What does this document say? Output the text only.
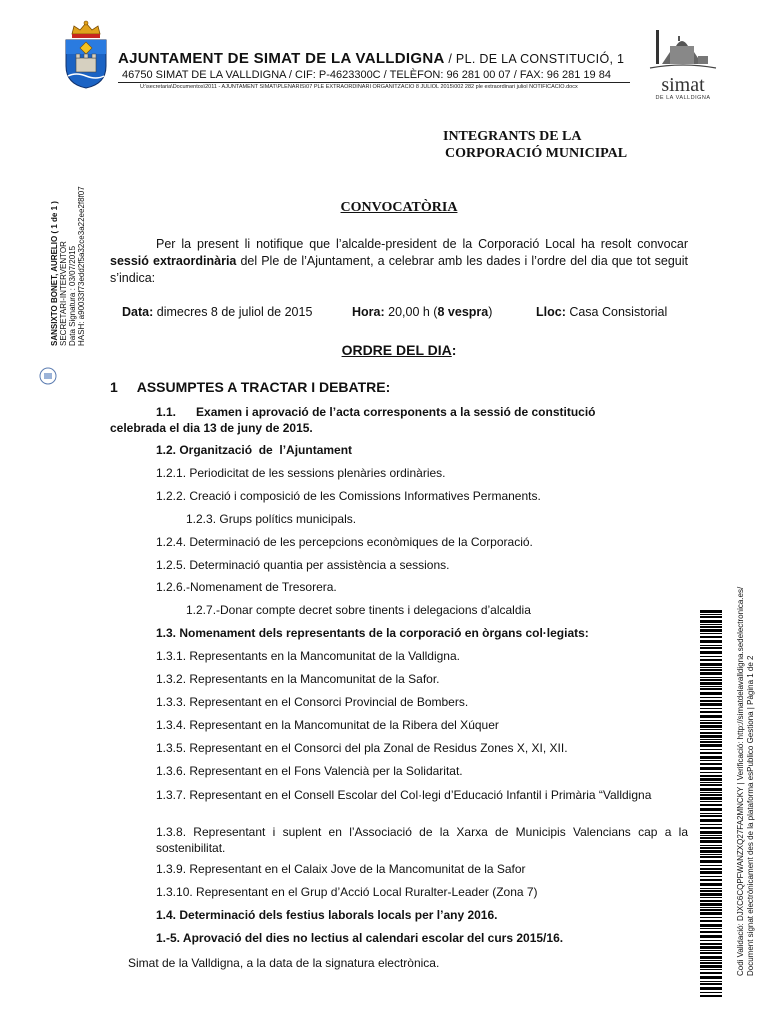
AJUNTAMENT DE SIMAT DE LA VALLDIGNA / PL. DE LA CONSTITUCIÓ, 1
46750 SIMAT DE LA VALLDIGNA / CIF: P-4623300C / TELÈFON: 96 281 00 07 / FAX: 96 281 19 84
U:\secretaria\Documentos\2011 - AJUNTAMENT SIMAT\PLENARIS\07 PLE EXTRAORDINARI ORGANITZACIO 8 JULIOL 2015\002 282 ple extraordinari juliol NOTIFICACIO.docx	simat
DE LA VALLDIGNA
INTEGRANTS DE LA
CORPORACIÓ MUNICIPAL
CONVOCATÒRIA
Per la present li notifique que l’alcalde-president de la Corporació Local ha resolt convocar sessió extraordinària del Ple de l’Ajuntament, a celebrar amb les dades i l’ordre del dia que tot seguit s’indica:
Data: dimecres 8 de juliol de 2015	Hora: 20,00 h (8 vespra)	Lloc: Casa Consistorial
ORDRE DEL DIA:
1     ASSUMPTES A TRACTAR I DEBATRE:
1.1.      Examen i aprovació de l’acta corresponents a la sessió de constitució
celebrada el dia 13 de juny de 2015.
1.2. Organització  de  l’Ajuntament
1.2.1. Periodicitat de les sessions plenàries ordinàries.
1.2.2. Creació i composició de les Comissions Informatives Permanents.
1.2.3. Grups polítics municipals.
1.2.4. Determinació de les percepcions econòmiques de la Corporació.
1.2.5. Determinació quantia per assistència a sessions.
1.2.6.-Nomenament de Tresorera.
1.2.7.-Donar compte decret sobre tinents i delegacions d’alcaldia
1.3. Nomenament dels representants de la corporació en òrgans col·legiats:
1.3.1. Representants en la Mancomunitat de la Valldigna.
1.3.2. Representants en la Mancomunitat de la Safor.
1.3.3. Representant en el Consorci Provincial de Bombers.
1.3.4. Representant en la Mancomunitat de la Ribera del Xúquer
1.3.5. Representant en el Consorci del pla Zonal de Residus Zones X, XI, XII.
1.3.6. Representant en el Fons Valencià per la Solidaritat.
1.3.7. Representant en el Consell Escolar del Col·legi d’Educació Infantil i Primària “Valldigna
1.3.8. Representant i suplent en l’Associació de la Xarxa de Municipis Valencians cap a la sostenibilitat.
1.3.9. Representant en el Calaix Jove de la Mancomunitat de la Safor
1.3.10. Representant en el Grup d’Acció Local Ruralter-Leader (Zona 7)
1.4. Determinació dels festius laborals locals per l’any 2016.
1.-5. Aprovació del dies no lectius al calendari escolar del curs 2015/16.
Simat de la Valldigna, a la data de la signatura electrònica.
SANSIXTO BONET, AURELIO ( 1 de 1 ) SECRETARI-INTERVENTOR Data Signatura : 03/07/2015 HASH: a90033f73edd2f5a32ce3a22ee2f8f07
Codi Validació: DJXC6CQPFWANZXQ27FA2MNCKY | Verificació: http://simatdelavalldigna.sedelectronica.es/ Document signat electrònicament des de la plataforma esPublico Gestiona | Pàgina 1 de 2
